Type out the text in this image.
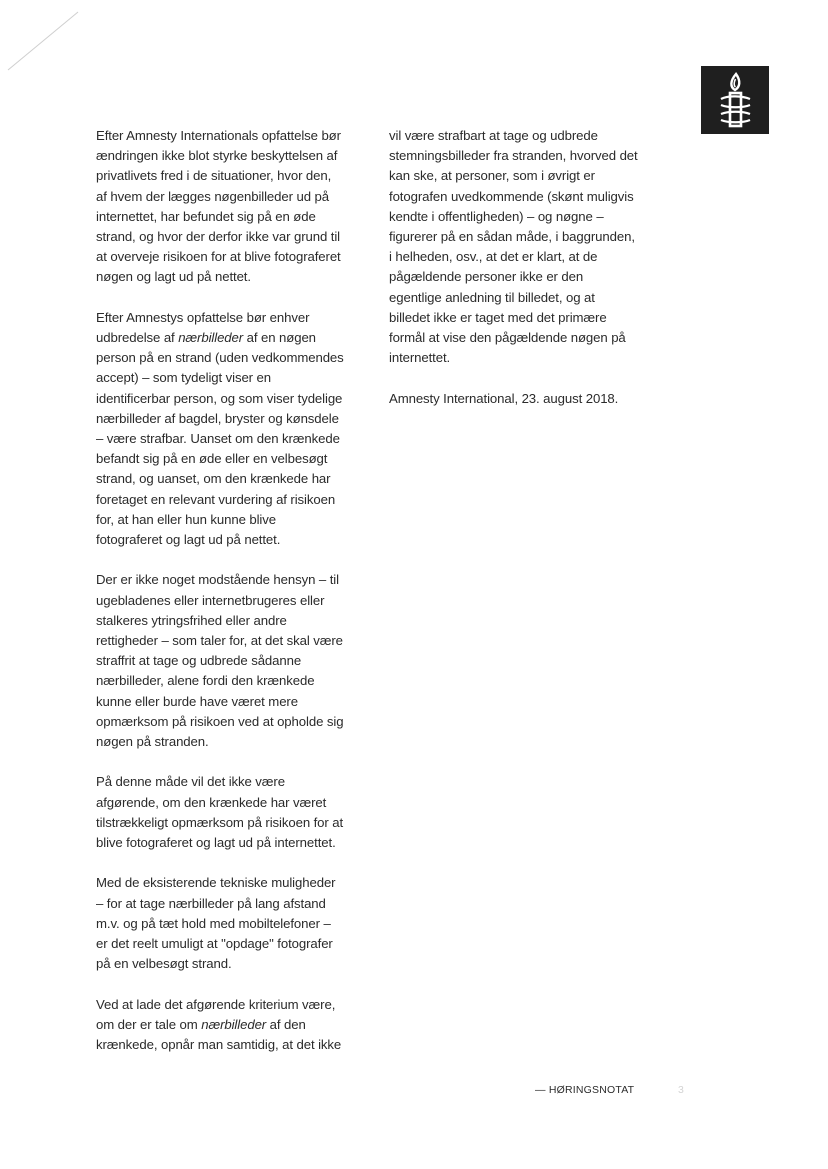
Efter Amnesty Internationals opfattelse bør ændringen ikke blot styrke beskyttelsen af privatlivets fred i de situationer, hvor den, af hvem der lægges nøgenbilleder ud på internettet, har befundet sig på en øde strand, og hvor der derfor ikke var grund til at overveje risikoen for at blive fotograferet nøgen og lagt ud på nettet.

Efter Amnestys opfattelse bør enhver udbredelse af nærbilleder af en nøgen person på en strand (uden vedkommendes accept) – som tydeligt viser en identificerbar person, og som viser tydelige nærbilleder af bagdel, bryster og kønsdele – være strafbar. Uanset om den krænkede befandt sig på en øde eller en velbesøgt strand, og uanset, om den krænkede har foretaget en relevant vurdering af risikoen for, at han eller hun kunne blive fotograferet og lagt ud på nettet.

Der er ikke noget modstående hensyn – til ugebladenes eller internetbrugeres eller stalkeres ytringsfrihed eller andre rettigheder – som taler for, at det skal være straffrit at tage og udbrede sådanne nærbilleder, alene fordi den krænkede kunne eller burde have været mere opmærksom på risikoen ved at opholde sig nøgen på stranden.

På denne måde vil det ikke være afgørende, om den krænkede har været tilstrækkeligt opmærksom på risikoen for at blive fotograferet og lagt ud på internettet.

Med de eksisterende tekniske muligheder – for at tage nærbilleder på lang afstand m.v. og på tæt hold med mobiltelefoner – er det reelt umuligt at "opdage" fotografer på en velbesøgt strand.

Ved at lade det afgørende kriterium være, om der er tale om nærbilleder af den krænkede, opnår man samtidig, at det ikke

vil være strafbart at tage og udbrede stemningsbilleder fra stranden, hvorved det kan ske, at personer, som i øvrigt er fotografen uvedkommende (skønt muligvis kendte i offentligheden) – og nøgne – figurerer på en sådan måde, i baggrunden, i helheden, osv., at det er klart, at de pågældende personer ikke er den egentlige anledning til billedet, og at billedet ikke er taget med det primære formål at vise den pågældende nøgen på internettet.

Amnesty International, 23. august 2018.

— HØRINGSNOTAT	3
